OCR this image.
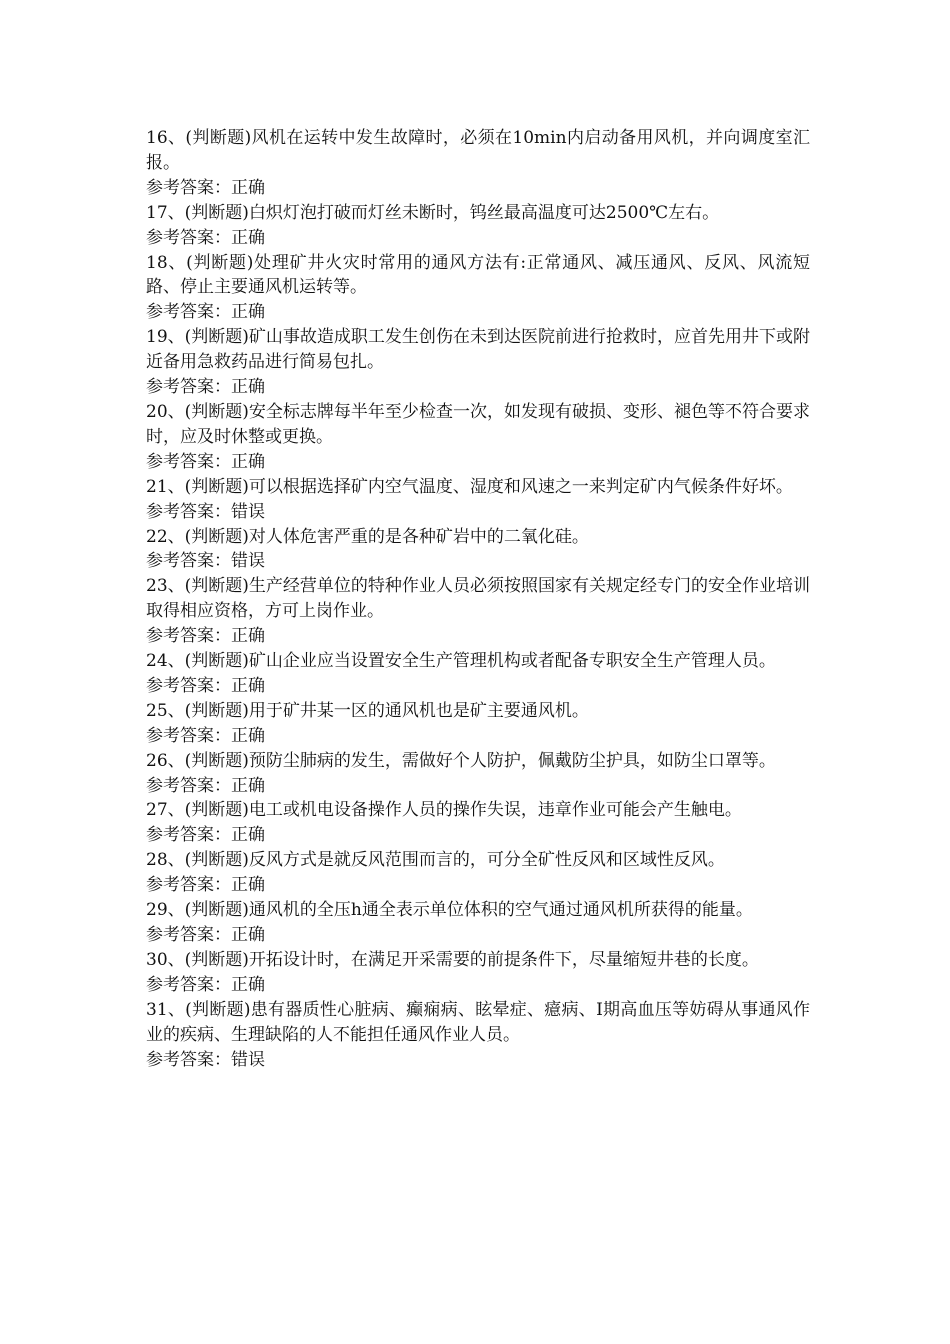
16、(判断题)风机在运转中发生故障时，必须在10min内启动备用风机，并向调度室汇报。
参考答案：正确
17、(判断题)白炽灯泡打破而灯丝未断时，钨丝最高温度可达2500℃左右。
参考答案：正确
18、(判断题)处理矿井火灾时常用的通风方法有:正常通风、减压通风、反风、风流短路、停止主要通风机运转等。
参考答案：正确
19、(判断题)矿山事故造成职工发生创伤在未到达医院前进行抢救时，应首先用井下或附近备用急救药品进行简易包扎。
参考答案：正确
20、(判断题)安全标志牌每半年至少检查一次，如发现有破损、变形、褪色等不符合要求时，应及时休整或更换。
参考答案：正确
21、(判断题)可以根据选择矿内空气温度、湿度和风速之一来判定矿内气候条件好坏。
参考答案：错误
22、(判断题)对人体危害严重的是各种矿岩中的二氧化硅。
参考答案：错误
23、(判断题)生产经营单位的特种作业人员必须按照国家有关规定经专门的安全作业培训取得相应资格，方可上岗作业。
参考答案：正确
24、(判断题)矿山企业应当设置安全生产管理机构或者配备专职安全生产管理人员。
参考答案：正确
25、(判断题)用于矿井某一区的通风机也是矿主要通风机。
参考答案：正确
26、(判断题)预防尘肺病的发生，需做好个人防护，佩戴防尘护具，如防尘口罩等。
参考答案：正确
27、(判断题)电工或机电设备操作人员的操作失误，违章作业可能会产生触电。
参考答案：正确
28、(判断题)反风方式是就反风范围而言的，可分全矿性反风和区域性反风。
参考答案：正确
29、(判断题)通风机的全压h通全表示单位体积的空气通过通风机所获得的能量。
参考答案：正确
30、(判断题)开拓设计时，在满足开采需要的前提条件下，尽量缩短井巷的长度。
参考答案：正确
31、(判断题)患有器质性心脏病、癫痫病、眩晕症、癔病、Ⅰ期高血压等妨碍从事通风作业的疾病、生理缺陷的人不能担任通风作业人员。
参考答案：错误
